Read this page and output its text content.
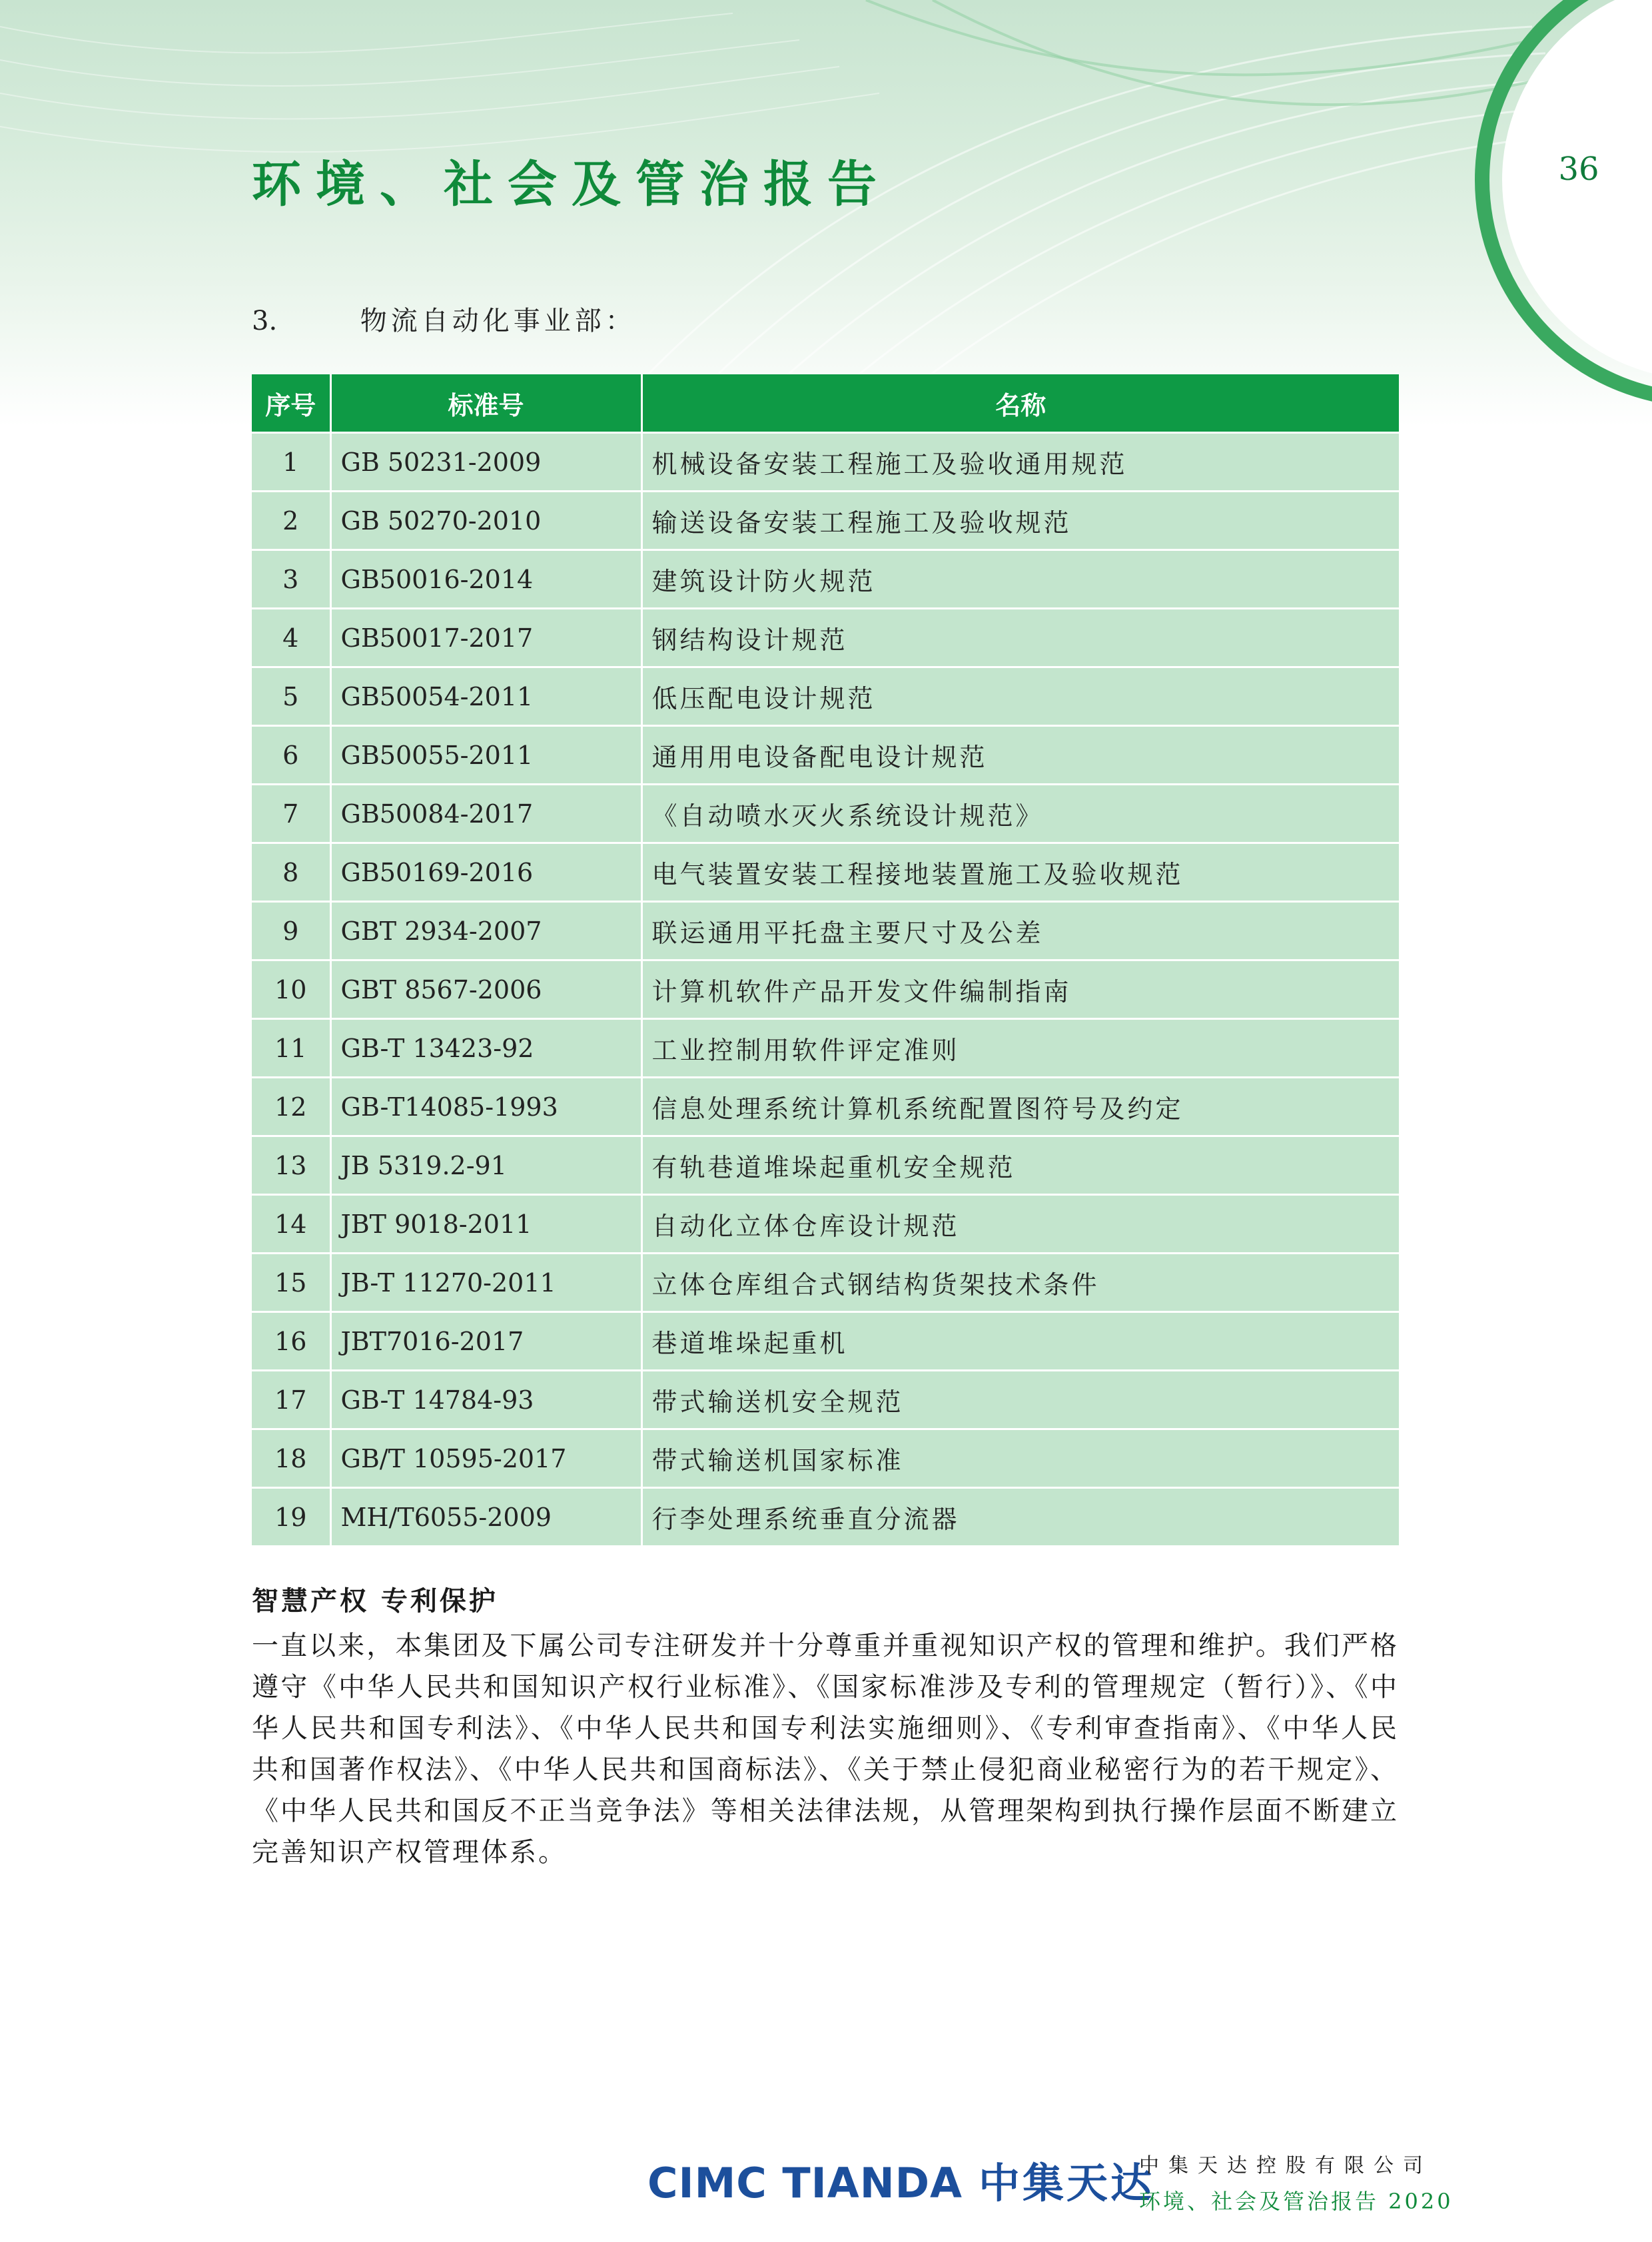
环境、社会及管治报告	36
3.	物流自动化事业部：
序号	标准号	名称
1	GB 50231-2009	机械设备安装工程施工及验收通用规范
2	GB 50270-2010	输送设备安装工程施工及验收规范
3	GB50016-2014	建筑设计防火规范
4	GB50017-2017	钢结构设计规范
5	GB50054-2011	低压配电设计规范
6	GB50055-2011	通用用电设备配电设计规范
7	GB50084-2017	《自动喷水灭火系统设计规范》
8	GB50169-2016	电气装置安装工程接地装置施工及验收规范
9	GBT 2934-2007	联运通用平托盘主要尺寸及公差
10	GBT 8567-2006	计算机软件产品开发文件编制指南
11	GB-T 13423-92	工业控制用软件评定准则
12	GB-T14085-1993	信息处理系统计算机系统配置图符号及约定
13	JB 5319.2-91	有轨巷道堆垛起重机安全规范
14	JBT 9018-2011	自动化立体仓库设计规范
15	JB-T 11270-2011	立体仓库组合式钢结构货架技术条件
16	JBT7016-2017	巷道堆垛起重机
17	GB-T 14784-93	带式输送机安全规范
18	GB/T 10595-2017	带式输送机国家标准
19	MH/T6055-2009	行李处理系统垂直分流器
智慧产权 专利保护

一直以来，本集团及下属公司专注研发并十分尊重并重视知识产权的管理和维护。我们严格遵守《中华人民共和国知识产权行业标准》、《国家标准涉及专利的管理规定（暂行）》、《中华人民共和国专利法》、《中华人民共和国专利法实施细则》、《专利审查指南》、《中华人民共和国著作权法》、《中华人民共和国商标法》、《关于禁止侵犯商业秘密行为的若干规定》、《中华人民共和国反不正当竞争法》等相关法律法规，从管理架构到执行操作层面不断建立完善知识产权管理体系。

CIMC TIANDA 中集天达
中集天达控股有限公司
环境、社会及管治报告 2020
